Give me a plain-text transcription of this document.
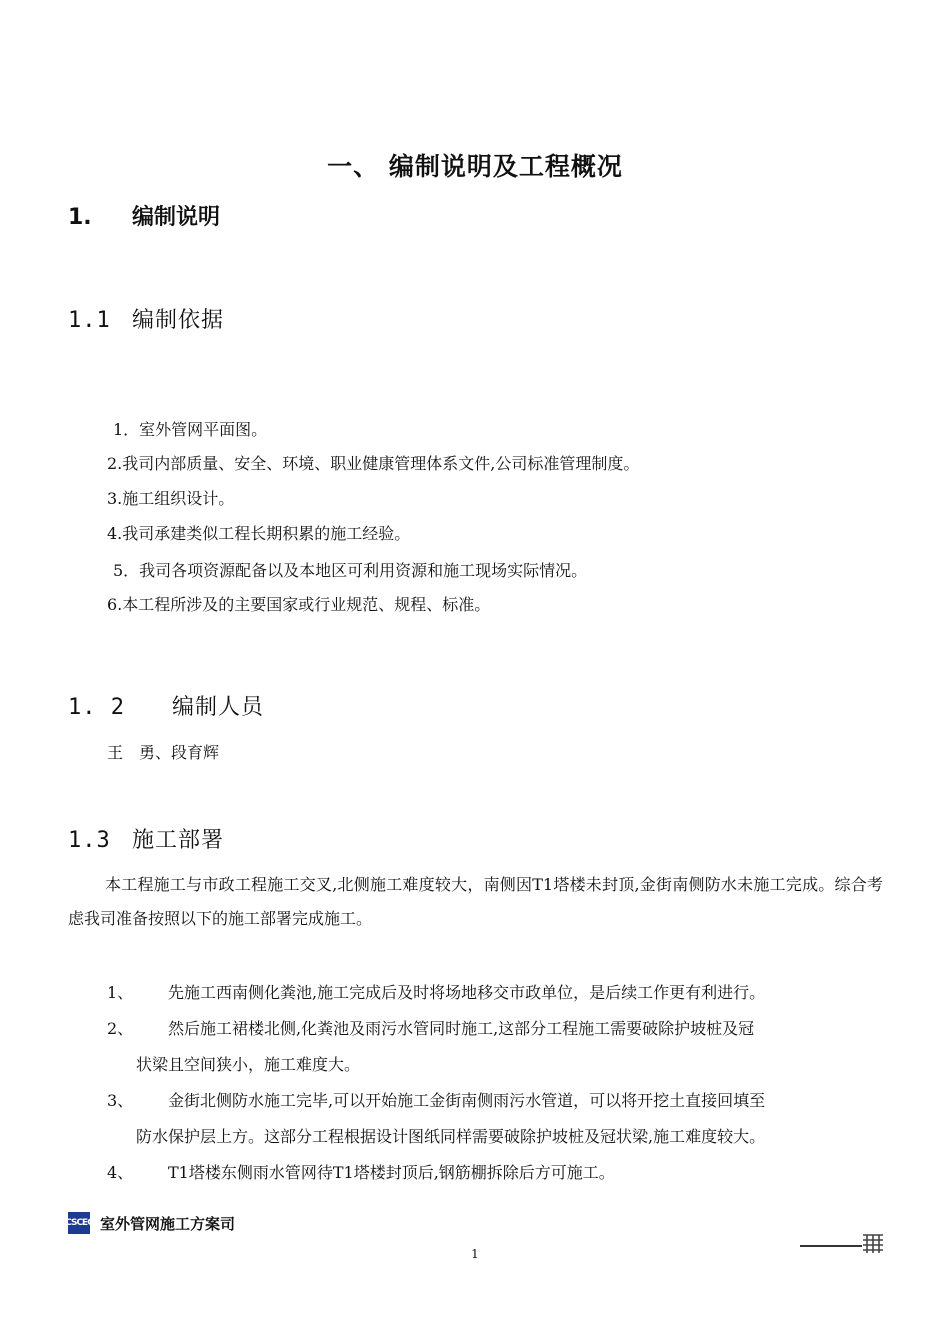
一、 编制说明及工程概况
1. 编制说明
1.1 编制依据
1．室外管网平面图。
2.我司内部质量、安全、环境、职业健康管理体系文件,公司标准管理制度。
3.施工组织设计。
4.我司承建类似工程长期积累的施工经验。
5．我司各项资源配备以及本地区可利用资源和施工现场实际情况。
6.本工程所涉及的主要国家或行业规范、规程、标准。
1. 2 编制人员
王　勇、段育辉
1.3 施工部署
本工程施工与市政工程施工交叉,北侧施工难度较大，南侧因T1塔楼未封顶,金街南侧防水未施工完成。综合考虑我司准备按照以下的施工部署完成施工。
1、	先施工西南侧化粪池,施工完成后及时将场地移交市政单位，是后续工作更有利进行。
2、	然后施工裙楼北侧,化粪池及雨污水管同时施工,这部分工程施工需要破除护坡桩及冠
状梁且空间狭小，施工难度大。
3、	金街北侧防水施工完毕,可以开始施工金街南侧雨污水管道，可以将开挖土直接回填至
防水保护层上方。这部分工程根据设计图纸同样需要破除护坡桩及冠状梁,施工难度较大。
4、	T1塔楼东侧雨水管网待T1塔楼封顶后,钢筋棚拆除后方可施工。
CSCEC 室外管网施工方案司
1
